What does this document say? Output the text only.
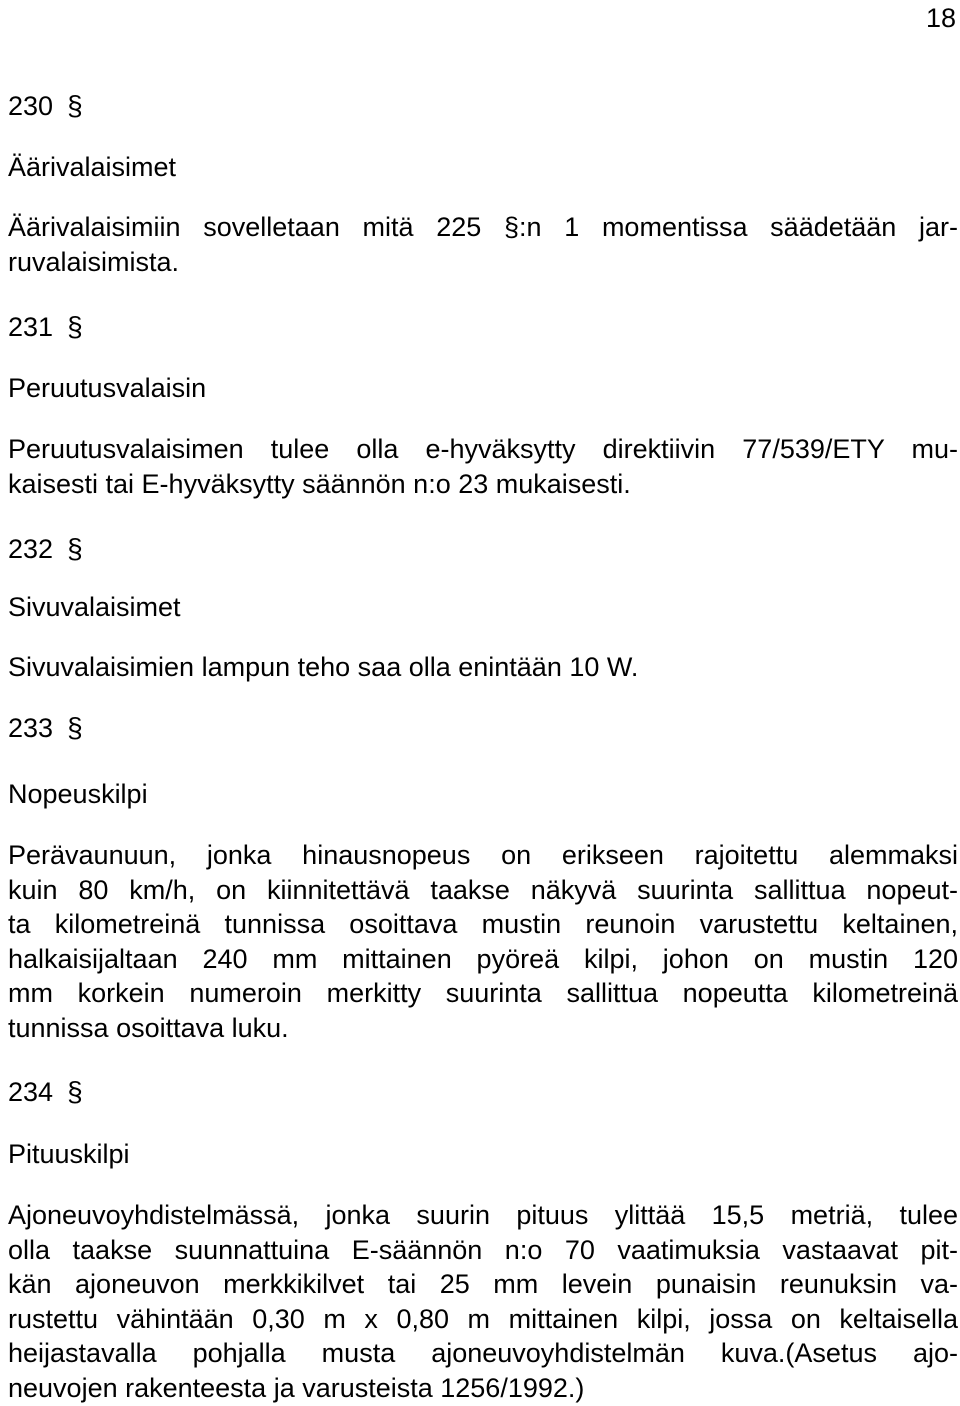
18
230 §
Äärivalaisimet
Äärivalaisimiin sovelletaan mitä 225 §:n 1 momentissa säädetään jar-
ruvalaisimista.
231 §
Peruutusvalaisin
Peruutusvalaisimen tulee olla e-hyväksytty direktiivin 77/539/ETY mu-
kaisesti tai E-hyväksytty säännön n:o 23 mukaisesti.
232 §
Sivuvalaisimet
Sivuvalaisimien lampun teho saa olla enintään 10 W.
233 §
Nopeuskilpi
Perävaunuun, jonka hinausnopeus on erikseen rajoitettu alemmaksi
kuin 80 km/h, on kiinnitettävä taakse näkyvä suurinta sallittua nopeut-
ta kilometreinä tunnissa osoittava mustin reunoin varustettu keltainen,
halkaisijaltaan 240 mm mittainen pyöreä kilpi, johon on mustin 120
mm korkein numeroin merkitty suurinta sallittua nopeutta kilometreinä
tunnissa osoittava luku.
234 §
Pituuskilpi
Ajoneuvoyhdistelmässä, jonka suurin pituus ylittää 15,5 metriä, tulee
olla taakse suunnattuina E-säännön n:o 70 vaatimuksia vastaavat pit-
kän ajoneuvon merkkikilvet tai 25 mm levein punaisin reunuksin va-
rustettu vähintään 0,30 m x 0,80 m mittainen kilpi, jossa on keltaisella
heijastavalla pohjalla musta ajoneuvoyhdistelmän kuva.(Asetus ajo-
neuvojen rakenteesta ja varusteista 1256/1992.)
